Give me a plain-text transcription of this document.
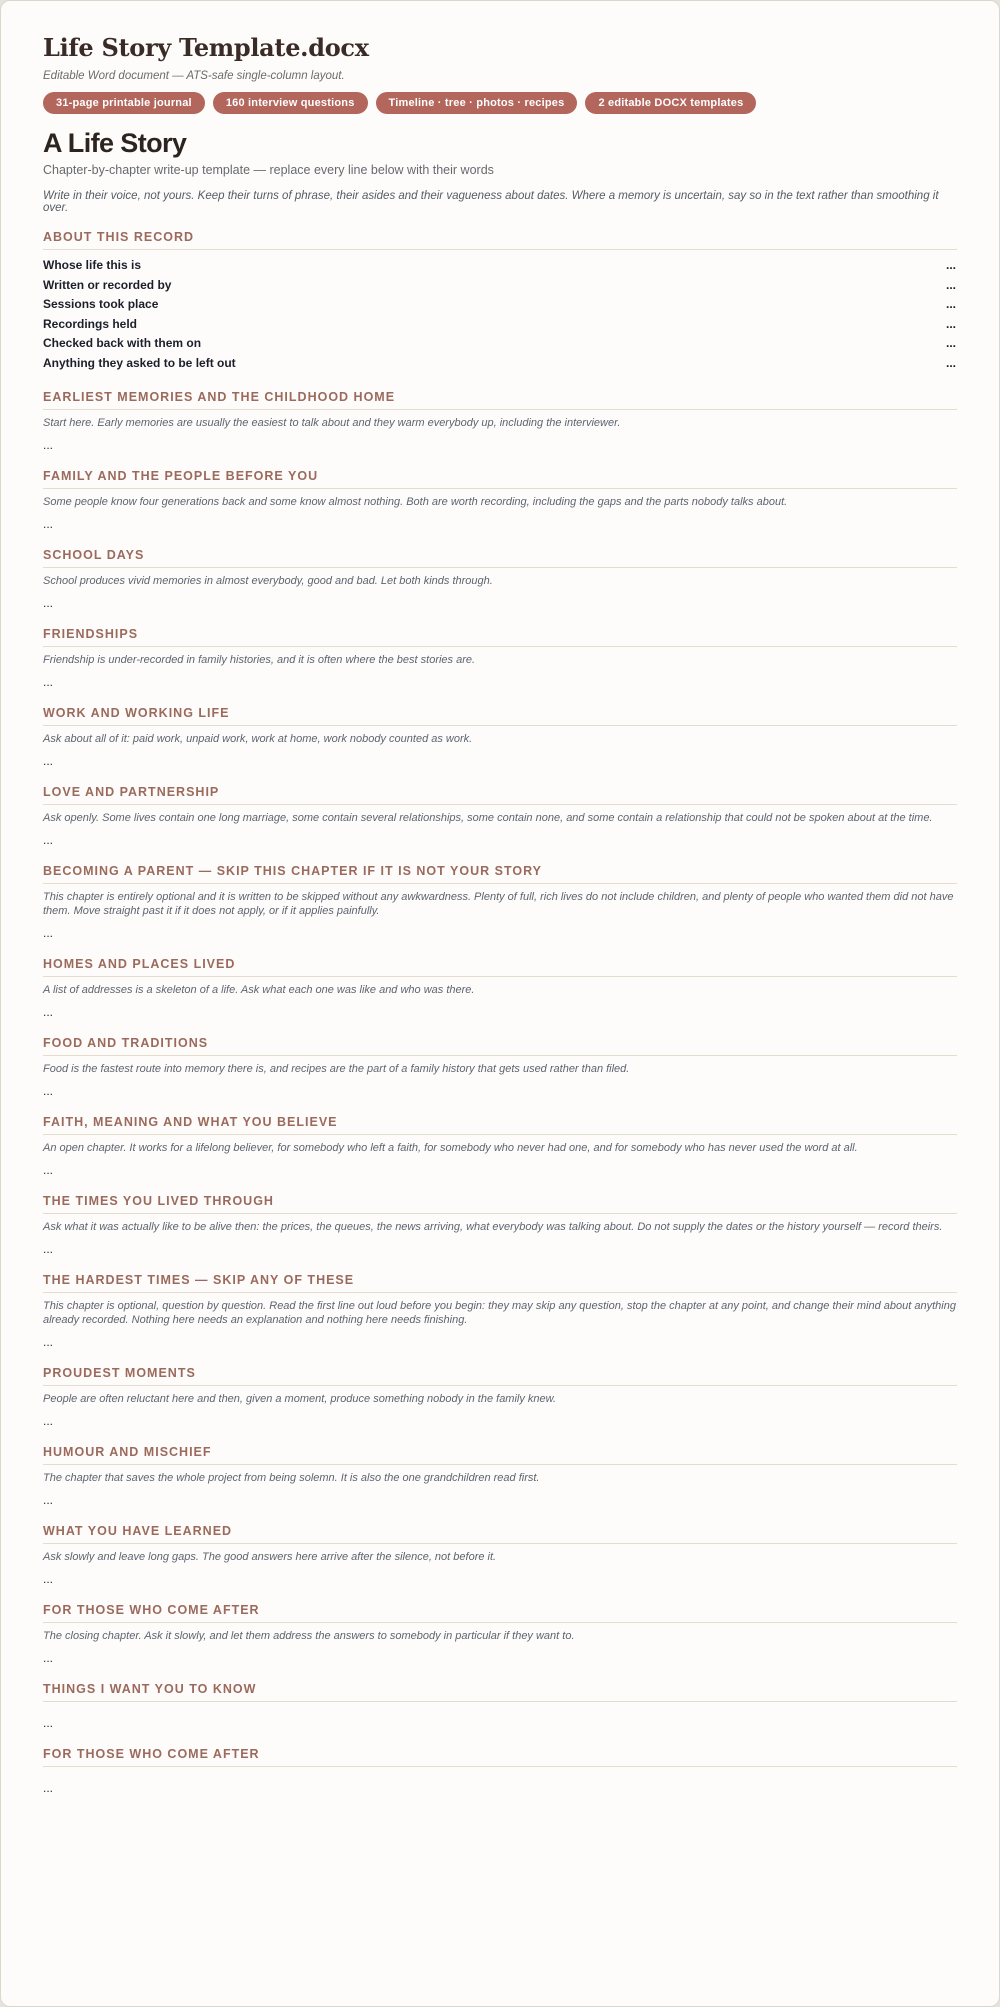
Life Story Template.docx
Editable Word document — ATS-safe single-column layout.
31-page printable journal	160 interview questions	Timeline · tree · photos · recipes	2 editable DOCX templates
A Life Story
Chapter-by-chapter write-up template — replace every line below with their words
Write in their voice, not yours. Keep their turns of phrase, their asides and their vagueness about dates. Where a memory is uncertain, say so in the text rather than smoothing it over.
ABOUT THIS RECORD
Whose life this is	...
Written or recorded by	...
Sessions took place	...
Recordings held	...
Checked back with them on	...
Anything they asked to be left out	...
EARLIEST MEMORIES AND THE CHILDHOOD HOME
Start here. Early memories are usually the easiest to talk about and they warm everybody up, including the interviewer.
...
FAMILY AND THE PEOPLE BEFORE YOU
Some people know four generations back and some know almost nothing. Both are worth recording, including the gaps and the parts nobody talks about.
...
SCHOOL DAYS
School produces vivid memories in almost everybody, good and bad. Let both kinds through.
...
FRIENDSHIPS
Friendship is under-recorded in family histories, and it is often where the best stories are.
...
WORK AND WORKING LIFE
Ask about all of it: paid work, unpaid work, work at home, work nobody counted as work.
...
LOVE AND PARTNERSHIP
Ask openly. Some lives contain one long marriage, some contain several relationships, some contain none, and some contain a relationship that could not be spoken about at the time.
...
BECOMING A PARENT — SKIP THIS CHAPTER IF IT IS NOT YOUR STORY
This chapter is entirely optional and it is written to be skipped without any awkwardness. Plenty of full, rich lives do not include children, and plenty of people who wanted them did not have them. Move straight past it if it does not apply, or if it applies painfully.
...
HOMES AND PLACES LIVED
A list of addresses is a skeleton of a life. Ask what each one was like and who was there.
...
FOOD AND TRADITIONS
Food is the fastest route into memory there is, and recipes are the part of a family history that gets used rather than filed.
...
FAITH, MEANING AND WHAT YOU BELIEVE
An open chapter. It works for a lifelong believer, for somebody who left a faith, for somebody who never had one, and for somebody who has never used the word at all.
...
THE TIMES YOU LIVED THROUGH
Ask what it was actually like to be alive then: the prices, the queues, the news arriving, what everybody was talking about. Do not supply the dates or the history yourself — record theirs.
...
THE HARDEST TIMES — SKIP ANY OF THESE
This chapter is optional, question by question. Read the first line out loud before you begin: they may skip any question, stop the chapter at any point, and change their mind about anything already recorded. Nothing here needs an explanation and nothing here needs finishing.
...
PROUDEST MOMENTS
People are often reluctant here and then, given a moment, produce something nobody in the family knew.
...
HUMOUR AND MISCHIEF
The chapter that saves the whole project from being solemn. It is also the one grandchildren read first.
...
WHAT YOU HAVE LEARNED
Ask slowly and leave long gaps. The good answers here arrive after the silence, not before it.
...
FOR THOSE WHO COME AFTER
The closing chapter. Ask it slowly, and let them address the answers to somebody in particular if they want to.
...
THINGS I WANT YOU TO KNOW
...
FOR THOSE WHO COME AFTER
...
